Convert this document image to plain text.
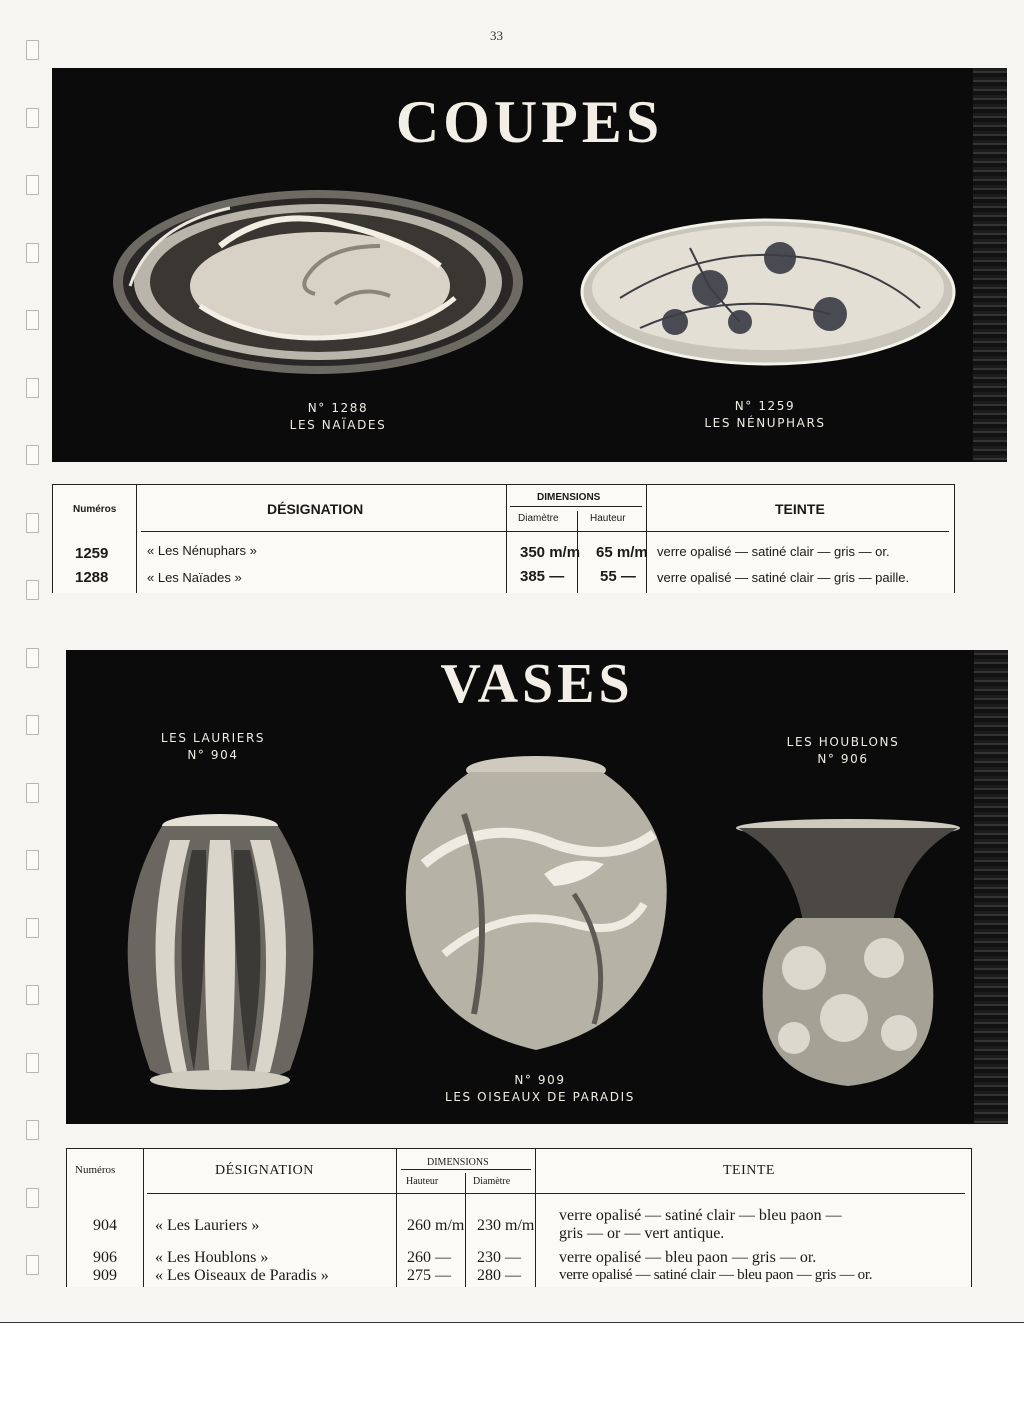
33
COUPES
N° 1288
LES NAÏADES
N° 1259
LES NÉNUPHARS
Numéros	DÉSIGNATION
DIMENSIONS
Diamètre	Hauteur
TEINTE
1259	« Les Nénuphars »	350 m/m 65 m/m verre opalisé — satiné clair — gris — or.
1288	« Les Naïades »	385 — 55 — verre opalisé — satiné clair — gris — paille.
VASES
LES LAURIERS
N° 904
LES HOUBLONS
N° 906
N° 909
LES OISEAUX DE PARADIS
Numéros	DÉSIGNATION
DIMENSIONS
Hauteur	Diamètre
TEINTE
904 « Les Lauriers »	260 m/m 230 m/m
verre opalisé — satiné clair — bleu paon —
gris — or — vert antique.
906 « Les Houblons »	260 — 230 — verre opalisé — bleu paon — gris — or.
909 « Les Oiseaux de Paradis »	275 — 280 —	verre opalisé — satiné clair — bleu paon — gris — or.
